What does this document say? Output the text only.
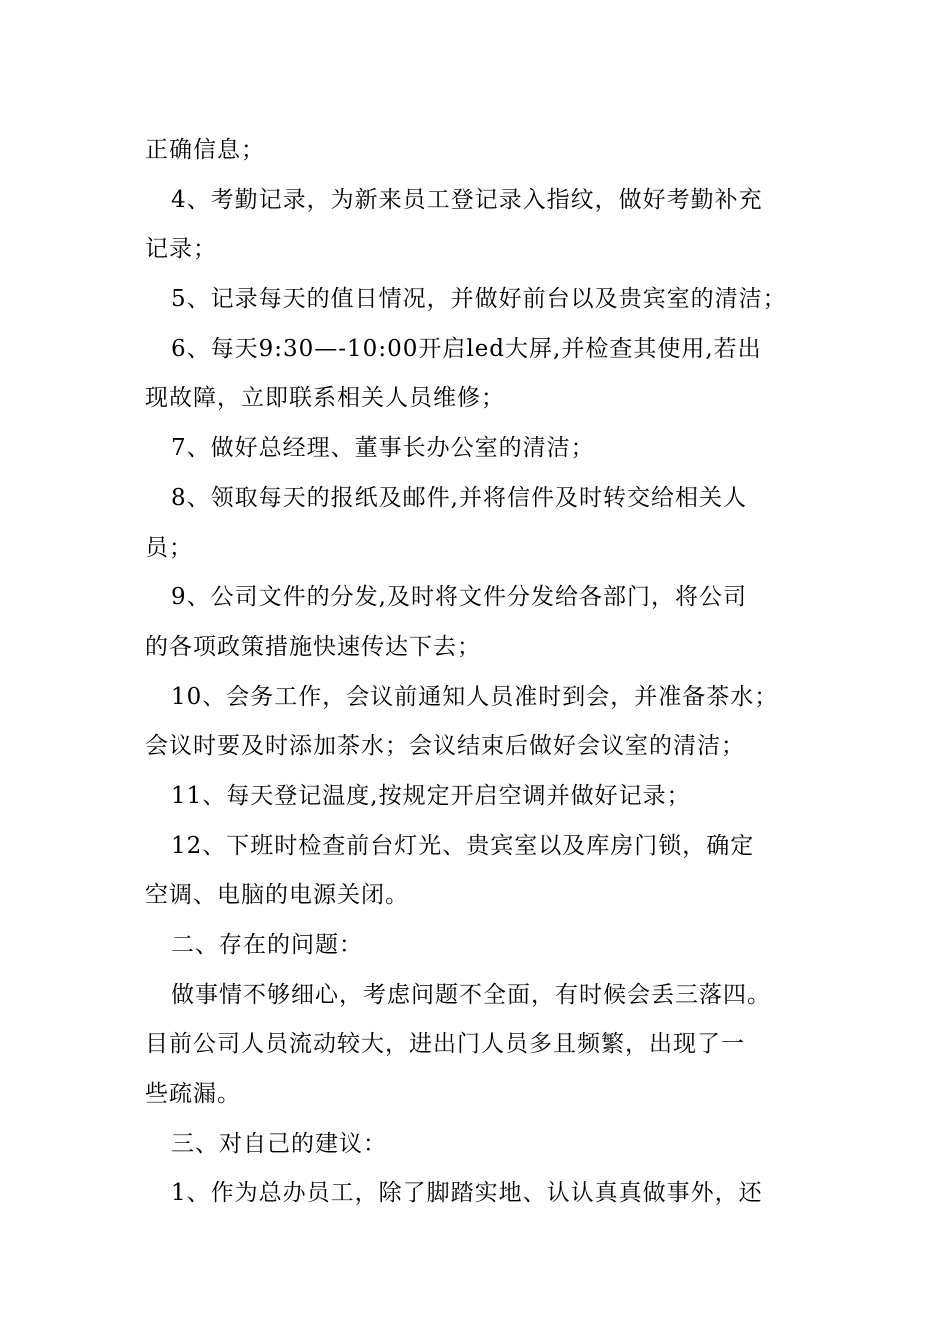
正确信息；
4、考勤记录，为新来员工登记录入指纹，做好考勤补充
记录；
5、记录每天的值日情况，并做好前台以及贵宾室的清洁；
6、每天9:30—-10:00开启led大屏,并检查其使用,若出
现故障，立即联系相关人员维修；
7、做好总经理、董事长办公室的清洁；
8、领取每天的报纸及邮件,并将信件及时转交给相关人
员；
9、公司文件的分发,及时将文件分发给各部门，将公司
的各项政策措施快速传达下去；
10、会务工作，会议前通知人员准时到会，并准备茶水；
会议时要及时添加茶水；会议结束后做好会议室的清洁；
11、每天登记温度,按规定开启空调并做好记录；
12、下班时检查前台灯光、贵宾室以及库房门锁，确定
空调、电脑的电源关闭。
二、存在的问题：
做事情不够细心，考虑问题不全面，有时候会丢三落四。
目前公司人员流动较大，进出门人员多且频繁，出现了一
些疏漏。
三、对自己的建议：
1、作为总办员工，除了脚踏实地、认认真真做事外，还
